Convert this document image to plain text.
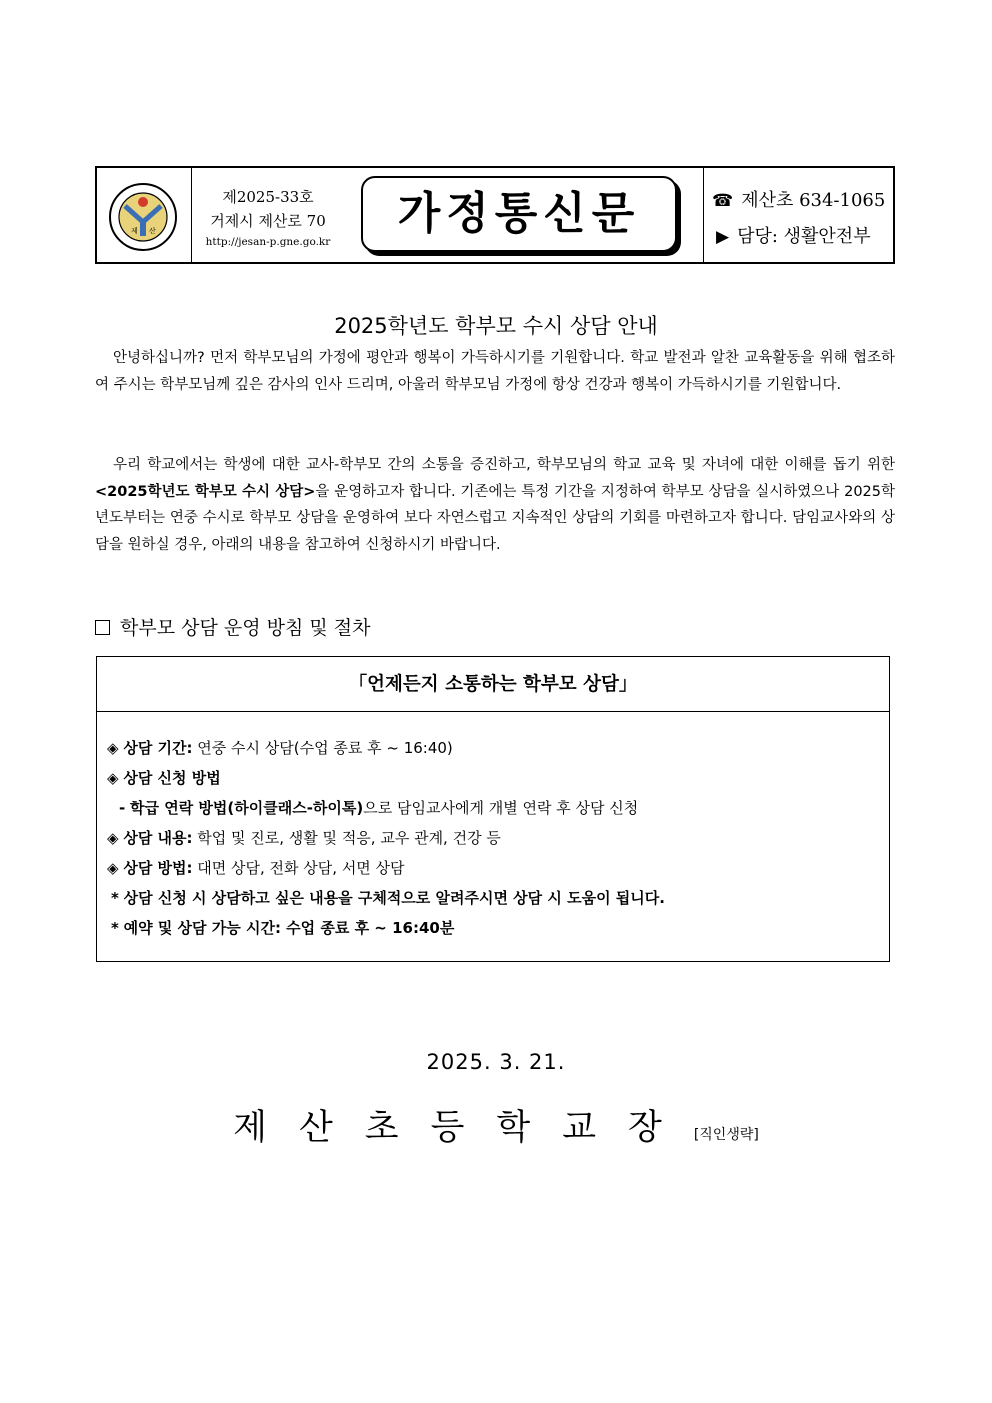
제 산
제2025-33호
거제시 제산로 70
http://jesan-p.gne.go.kr
가정통신문	☎ 제산초 634-1065
▶ 담당: 생활안전부
2025학년도 학부모 수시 상담 안내
안녕하십니까? 먼저 학부모님의 가정에 평안과 행복이 가득하시기를 기원합니다. 학교 발전과 알찬 교육활동을 위해 협조하여 주시는 학부모님께 깊은 감사의 인사 드리며, 아울러 학부모님 가정에 항상 건강과 행복이 가득하시기를 기원합니다.
우리 학교에서는 학생에 대한 교사-학부모 간의 소통을 증진하고, 학부모님의 학교 교육 및 자녀에 대한 이해를 돕기 위한 <2025학년도 학부모 수시 상담>을 운영하고자 합니다. 기존에는 특정 기간을 지정하여 학부모 상담을 실시하였으나 2025학년도부터는 연중 수시로 학부모 상담을 운영하여 보다 자연스럽고 지속적인 상담의 기회를 마련하고자 합니다. 담임교사와의 상담을 원하실 경우, 아래의 내용을 참고하여 신청하시기 바랍니다.
학부모 상담 운영 방침 및 절차
「언제든지 소통하는 학부모 상담」
◈ 상담 기간: 연중 수시 상담(수업 종료 후 ~ 16:40)
◈ 상담 신청 방법
- 학급 연락 방법(하이클래스-하이톡)으로 담임교사에게 개별 연락 후 상담 신청
◈ 상담 내용: 학업 및 진로, 생활 및 적응, 교우 관계, 건강 등
◈ 상담 방법: 대면 상담, 전화 상담, 서면 상담
* 상담 신청 시 상담하고 싶은 내용을 구체적으로 알려주시면 상담 시 도움이 됩니다.
* 예약 및 상담 가능 시간: 수업 종료 후 ~ 16:40분
2025. 3. 21.
제산초등학교장[직인생략]
